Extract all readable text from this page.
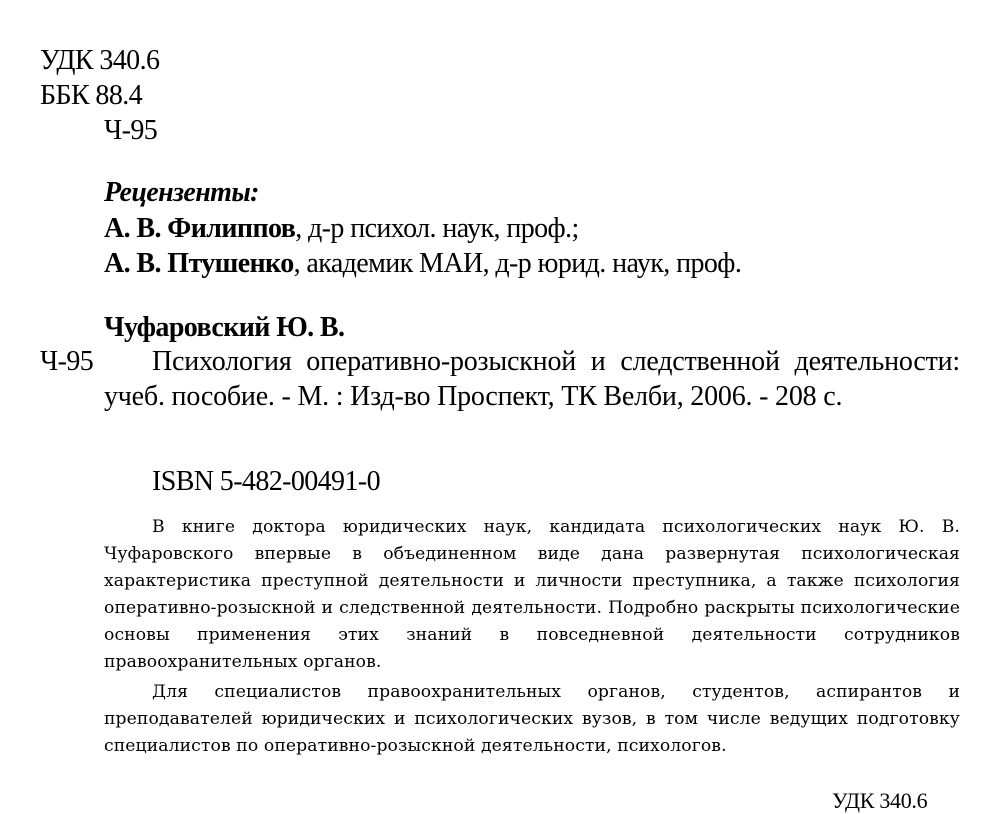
УДК 340.6
ББК 88.4
Ч-95
Рецензенты:
А. В. Филиппов, д-р психол. наук, проф.;
А. В. Птушенко, академик МАИ, д-р юрид. наук, проф.
Чуфаровский Ю. В.
Ч-95	Психология оперативно-розыскной и следственной деятельности: учеб. пособие. - М. : Изд-во Проспект, ТК Велби, 2006. - 208 с.
ISBN 5-482-00491-0

В книге доктора юридических наук, кандидата психологических наук Ю. В. Чуфаровского впервые в объединенном виде дана развернутая психологическая характеристика преступной деятельности и личности преступника, а также психология оперативно-розыскной и следственной деятельности. Подробно раскрыты психологические основы применения этих знаний в повседневной деятельности сотрудников правоохранительных органов.

Для специалистов правоохранительных органов, студентов, аспирантов и преподавателей юридических и психологических вузов, в том числе ведущих подготовку специалистов по оперативно-розыскной деятельности, психологов.

УДК 340.6
